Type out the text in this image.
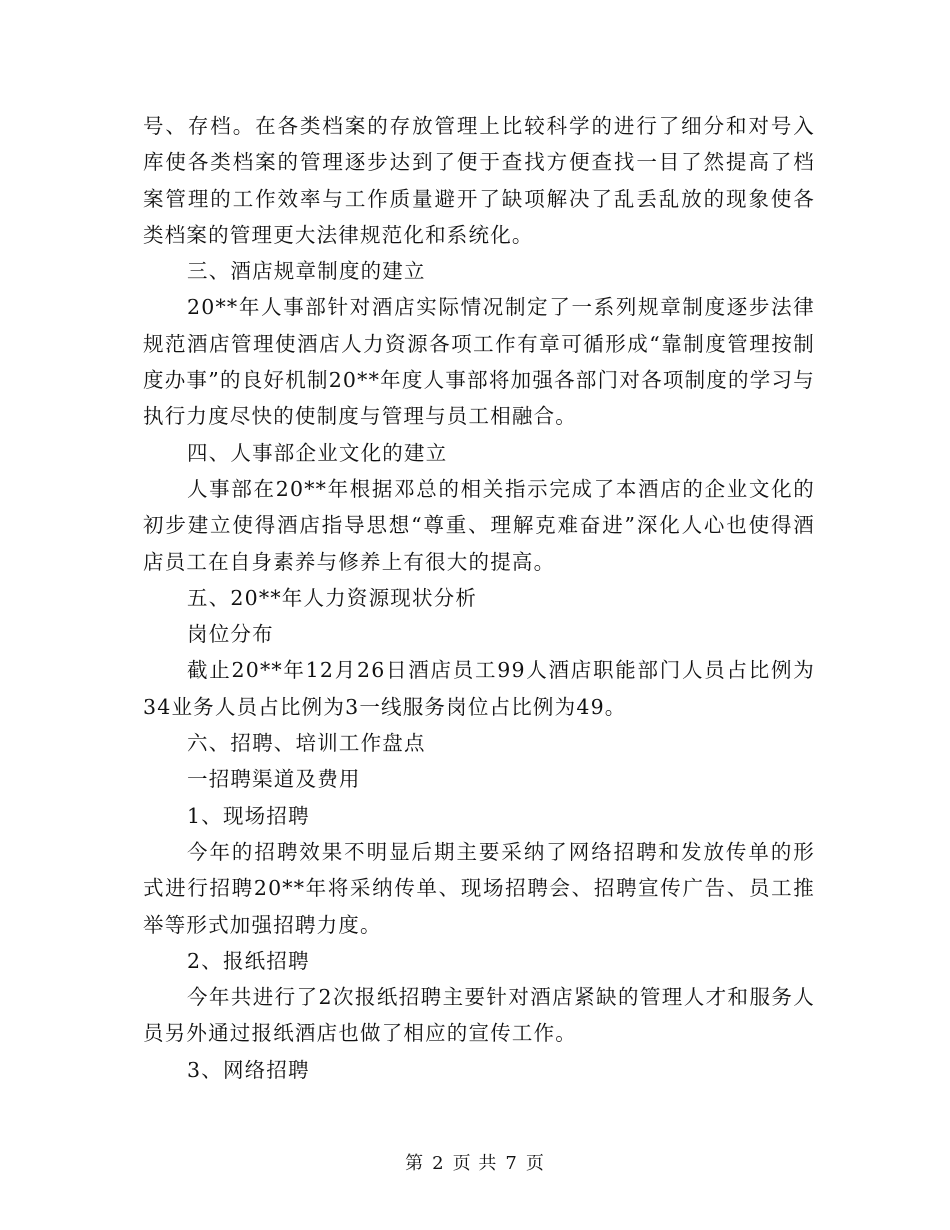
号、存档。在各类档案的存放管理上比较科学的进行了细分和对号入库使各类档案的管理逐步达到了便于查找方便查找一目了然提高了档案管理的工作效率与工作质量避开了缺项解决了乱丢乱放的现象使各类档案的管理更大法律规范化和系统化。

三、酒店规章制度的建立

20**年人事部针对酒店实际情况制定了一系列规章制度逐步法律规范酒店管理使酒店人力资源各项工作有章可循形成“靠制度管理按制度办事”的良好机制20**年度人事部将加强各部门对各项制度的学习与执行力度尽快的使制度与管理与员工相融合。

四、人事部企业文化的建立

人事部在20**年根据邓总的相关指示完成了本酒店的企业文化的初步建立使得酒店指导思想“尊重、理解克难奋进”深化人心也使得酒店员工在自身素养与修养上有很大的提高。

五、20**年人力资源现状分析

岗位分布

截止20**年12月26日酒店员工99人酒店职能部门人员占比例为34业务人员占比例为3一线服务岗位占比例为49。

六、招聘、培训工作盘点

一招聘渠道及费用

1、现场招聘

今年的招聘效果不明显后期主要采纳了网络招聘和发放传单的形式进行招聘20**年将采纳传单、现场招聘会、招聘宣传广告、员工推举等形式加强招聘力度。

2、报纸招聘

今年共进行了2次报纸招聘主要针对酒店紧缺的管理人才和服务人员另外通过报纸酒店也做了相应的宣传工作。

3、网络招聘

第 2 页 共 7 页
